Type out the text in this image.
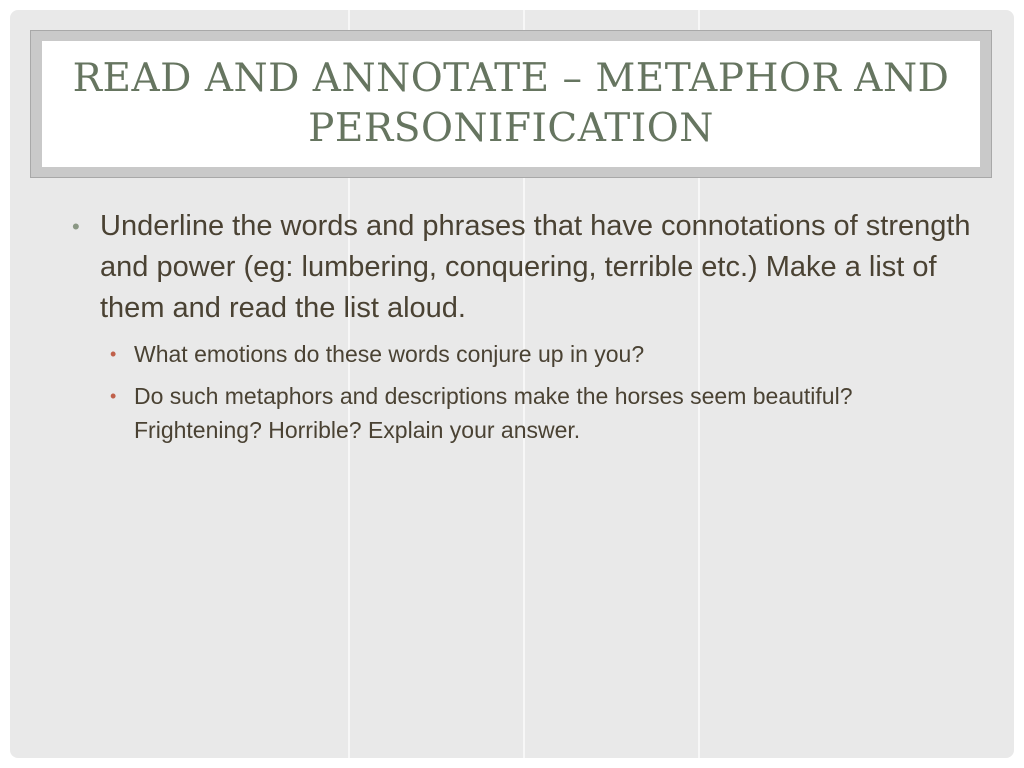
READ AND ANNOTATE – METAPHOR AND PERSONIFICATION
• Underline the words and phrases that have connotations of strength and power (eg: lumbering, conquering, terrible etc.) Make a list of them and read the list aloud.
• What emotions do these words conjure up in you?
• Do such metaphors and descriptions make the horses seem beautiful? Frightening? Horrible? Explain your answer.
